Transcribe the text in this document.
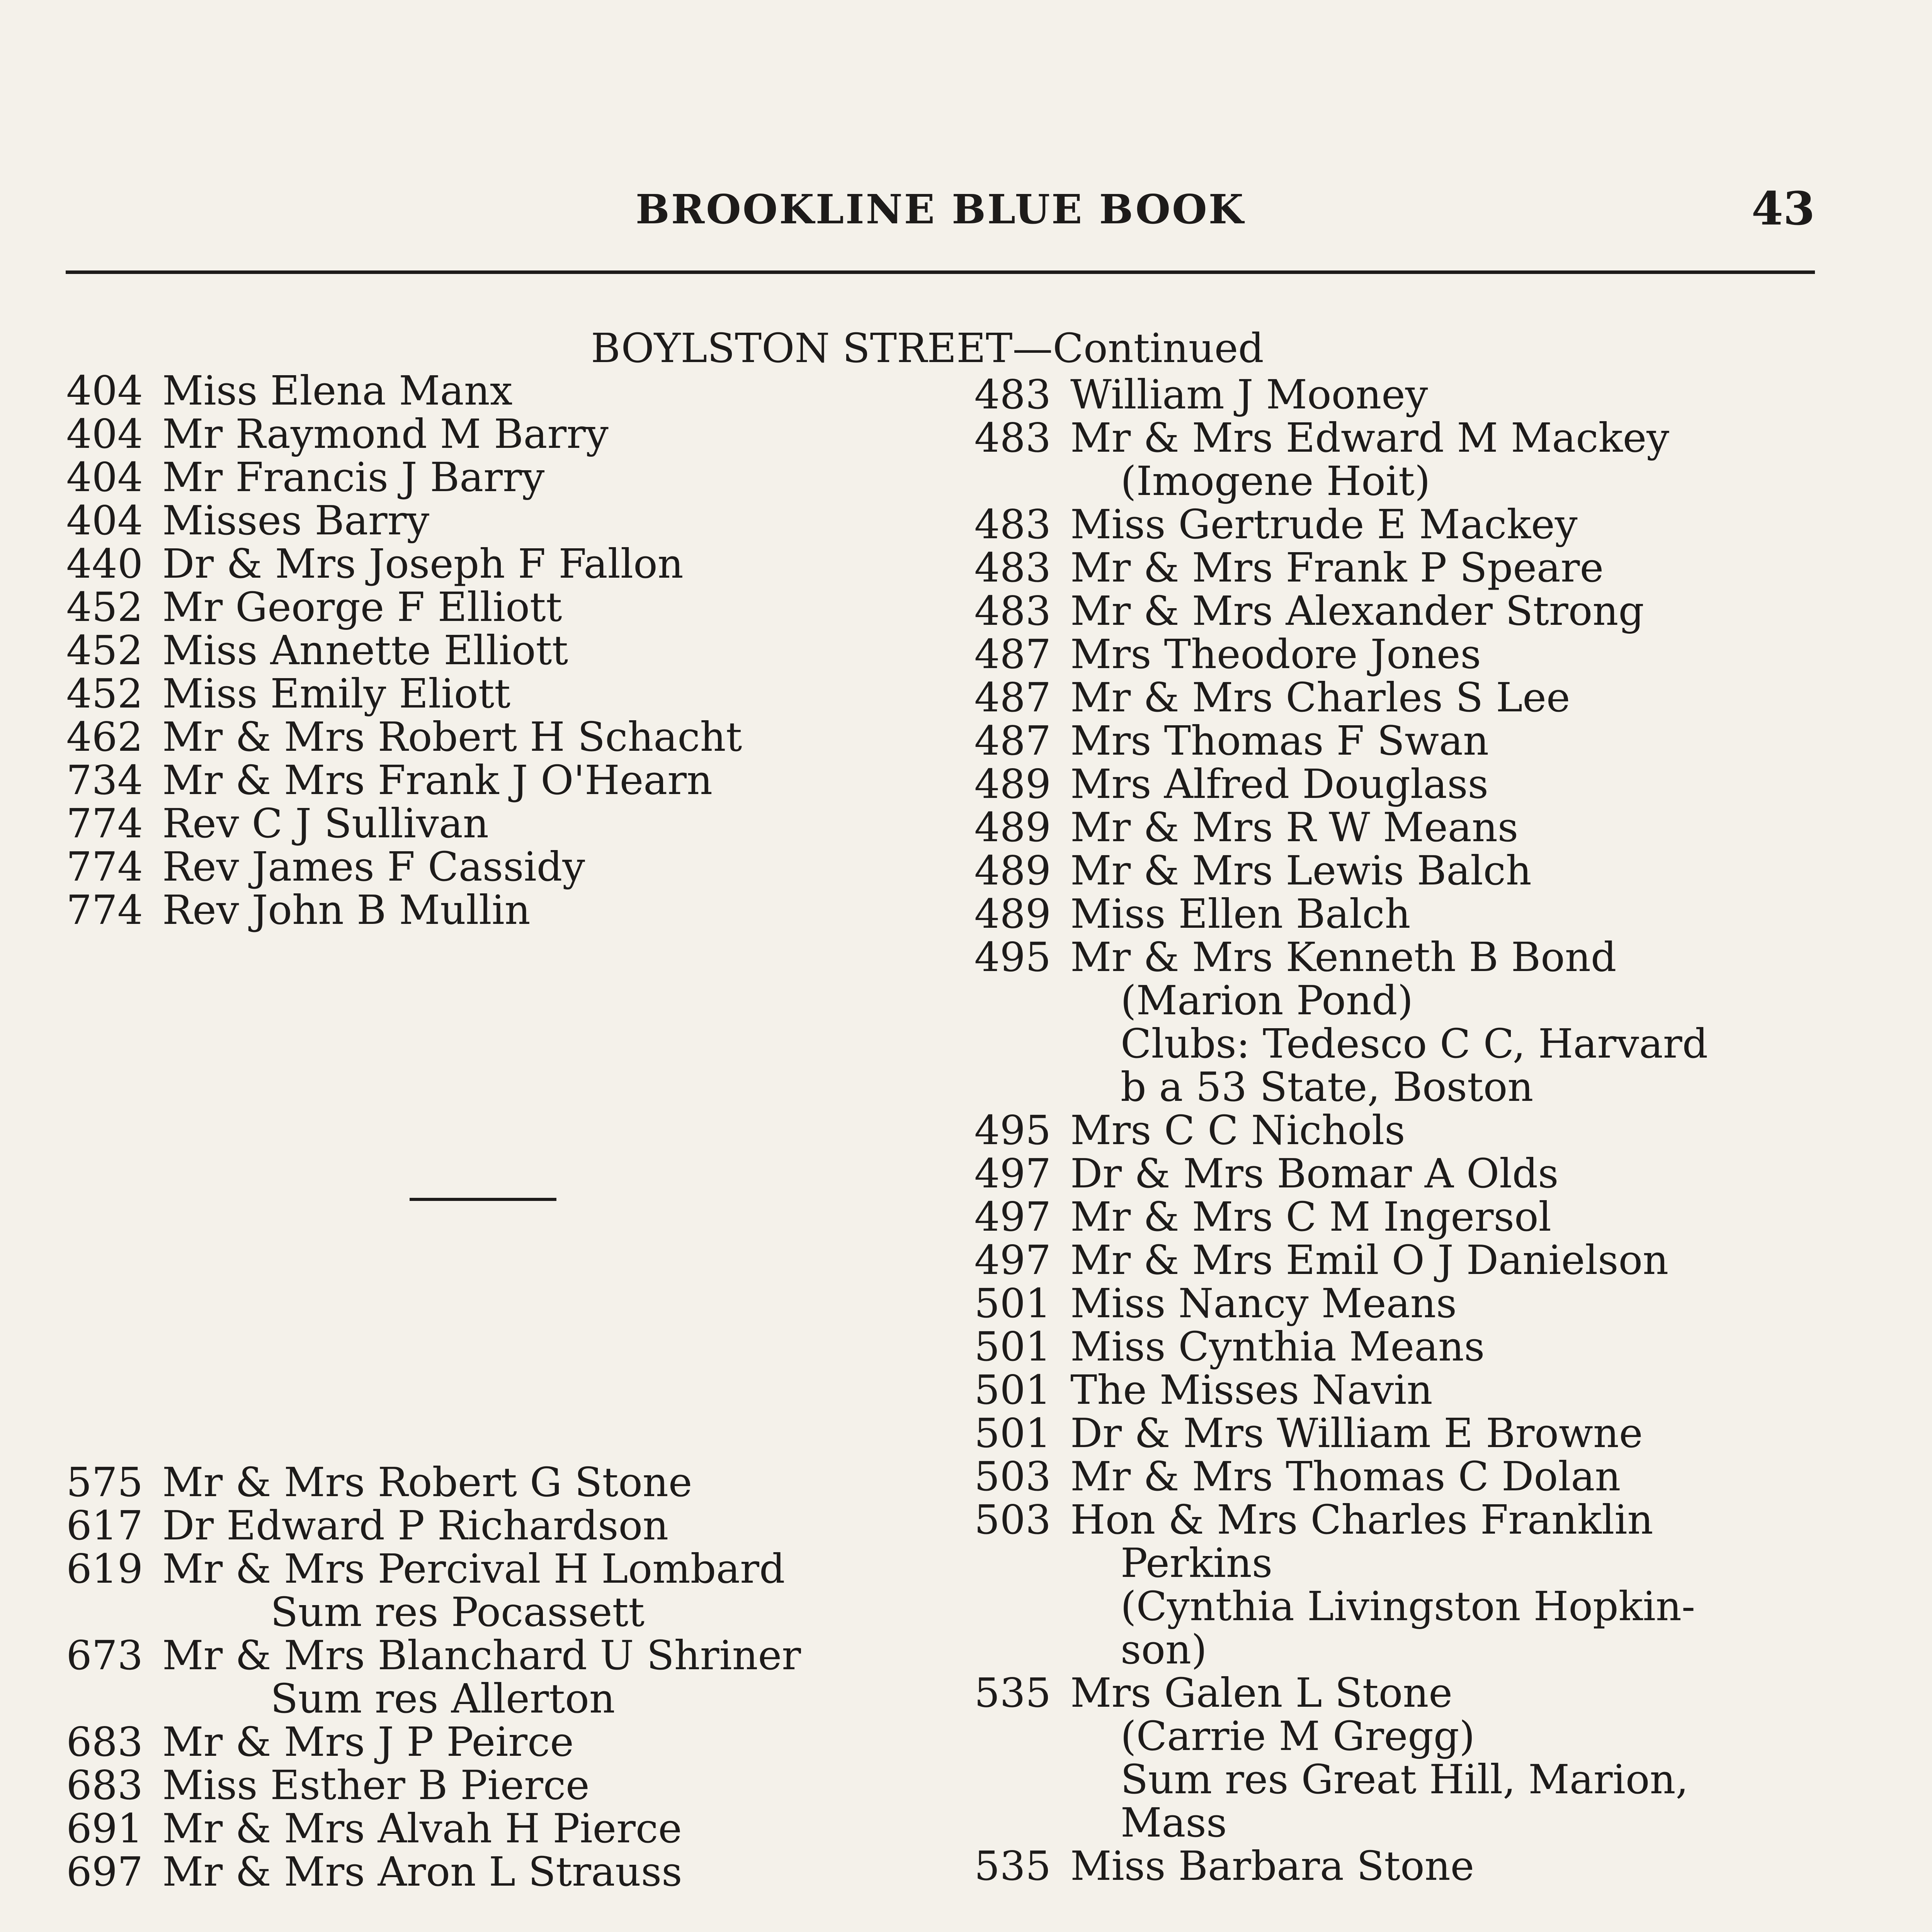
BROOKLINE BLUE BOOK	43
BOYLSTON STREET—Continued
404 Miss Elena Manx
404 Mr Raymond M Barry
404 Mr Francis J Barry
404 Misses Barry
440 Dr & Mrs Joseph F Fallon
452 Mr George F Elliott
452 Miss Annette Elliott
452 Miss Emily Eliott
462 Mr & Mrs Robert H Schacht
734 Mr & Mrs Frank J O'Hearn
774 Rev C J Sullivan
774 Rev James F Cassidy
774 Rev John B Mullin
575 Mr & Mrs Robert G Stone
617 Dr Edward P Richardson
619 Mr & Mrs Percival H Lombard
Sum res Pocassett
673 Mr & Mrs Blanchard U Shriner
Sum res Allerton
683 Mr & Mrs J P Peirce
683 Miss Esther B Pierce
691 Mr & Mrs Alvah H Pierce
697 Mr & Mrs Aron L Strauss
483 William J Mooney
483 Mr & Mrs Edward M Mackey
(Imogene Hoit)
483 Miss Gertrude E Mackey
483 Mr & Mrs Frank P Speare
483 Mr & Mrs Alexander Strong
487 Mrs Theodore Jones
487 Mr & Mrs Charles S Lee
487 Mrs Thomas F Swan
489 Mrs Alfred Douglass
489 Mr & Mrs R W Means
489 Mr & Mrs Lewis Balch
489 Miss Ellen Balch
495 Mr & Mrs Kenneth B Bond
(Marion Pond)
Clubs: Tedesco C C, Harvard
b a 53 State, Boston
495 Mrs C C Nichols
497 Dr & Mrs Bomar A Olds
497 Mr & Mrs C M Ingersol
497 Mr & Mrs Emil O J Danielson
501 Miss Nancy Means
501 Miss Cynthia Means
501 The Misses Navin
501 Dr & Mrs William E Browne
503 Mr & Mrs Thomas C Dolan
503 Hon & Mrs Charles Franklin
Perkins
(Cynthia Livingston Hopkin-
son)
535 Mrs Galen L Stone
(Carrie M Gregg)
Sum res Great Hill, Marion,
Mass
535 Miss Barbara Stone
